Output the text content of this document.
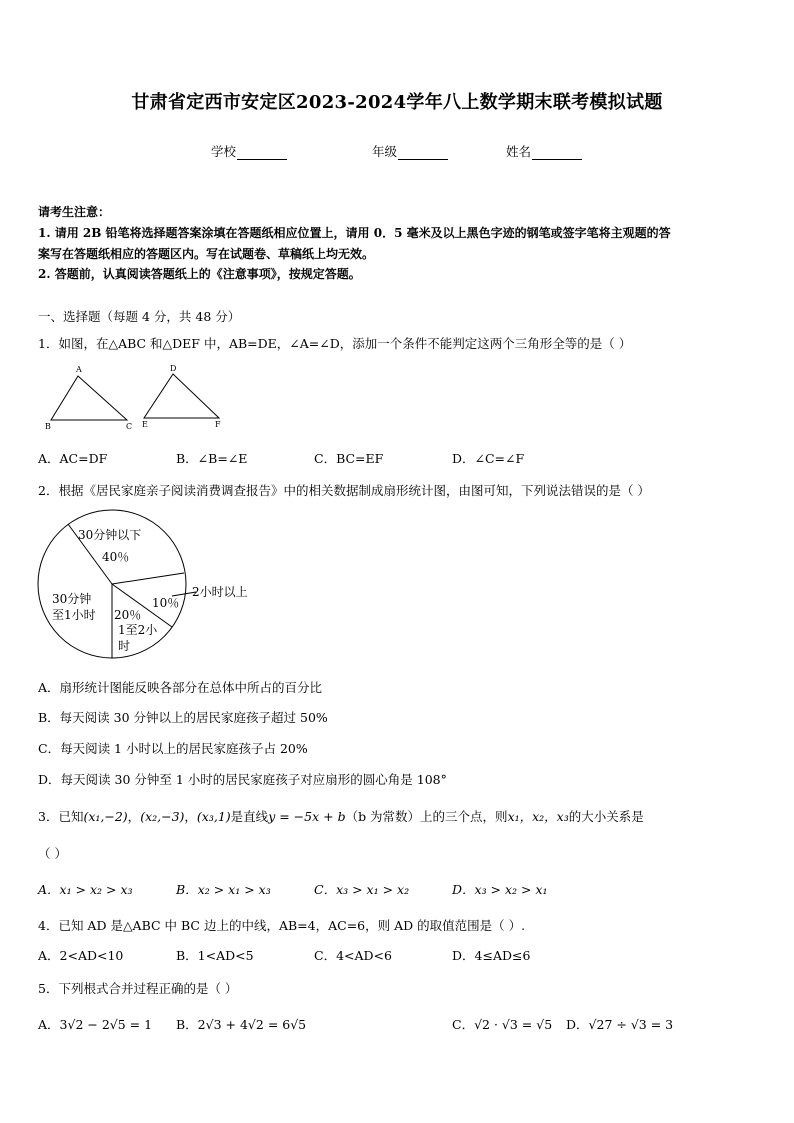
甘肃省定西市安定区2023-2024学年八上数学期末联考模拟试题
学校	年级	姓名
请考生注意：
1. 请用 2B 铅笔将选择题答案涂填在答题纸相应位置上，请用 0．5 毫米及以上黑色字迹的钢笔或签字笔将主观题的答
案写在答题纸相应的答题区内。写在试题卷、草稿纸上均无效。
2. 答题前，认真阅读答题纸上的《注意事项》，按规定答题。
一、选择题（每题 4 分，共 48 分）
1．如图，在△ABC 和△DEF 中，AB=DE，∠A=∠D，添加一个条件不能判定这两个三角形全等的是（ ）
A
B	C
D
E	F
A．AC=DF	B．∠B=∠E	C．BC=EF	D．∠C=∠F
2．根据《居民家庭亲子阅读消费调查报告》中的相关数据制成扇形统计图，由图可知，下列说法错误的是（ ）
30分钟以下
40％
30分钟
至1小时 20％
1至2小
时
10％
2小时以上
A．扇形统计图能反映各部分在总体中所占的百分比
B．每天阅读 30 分钟以上的居民家庭孩子超过 50%
C．每天阅读 1 小时以上的居民家庭孩子占 20%
D．每天阅读 30 分钟至 1 小时的居民家庭孩子对应扇形的圆心角是 108°
3．已知(x₁,−2)，(x₂,−3)，(x₃,1)是直线y = −5x + b（b 为常数）上的三个点，则x₁，x₂，x₃的大小关系是
（ ）
A．x₁ > x₂ > x₃	B．x₂ > x₁ > x₃	C．x₃ > x₁ > x₂	D．x₃ > x₂ > x₁
4．已知 AD 是△ABC 中 BC 边上的中线，AB=4，AC=6，则 AD 的取值范围是（ ）.
A．2<AD<10	B．1<AD<5	C．4<AD<6	D．4≤AD≤6
5．下列根式合并过程正确的是（ ）
A．3√2 − 2√5 = 1 B．2√3 + 4√2 = 6√5	C．√2 · √3 = √5 D．√27 ÷ √3 = 3
